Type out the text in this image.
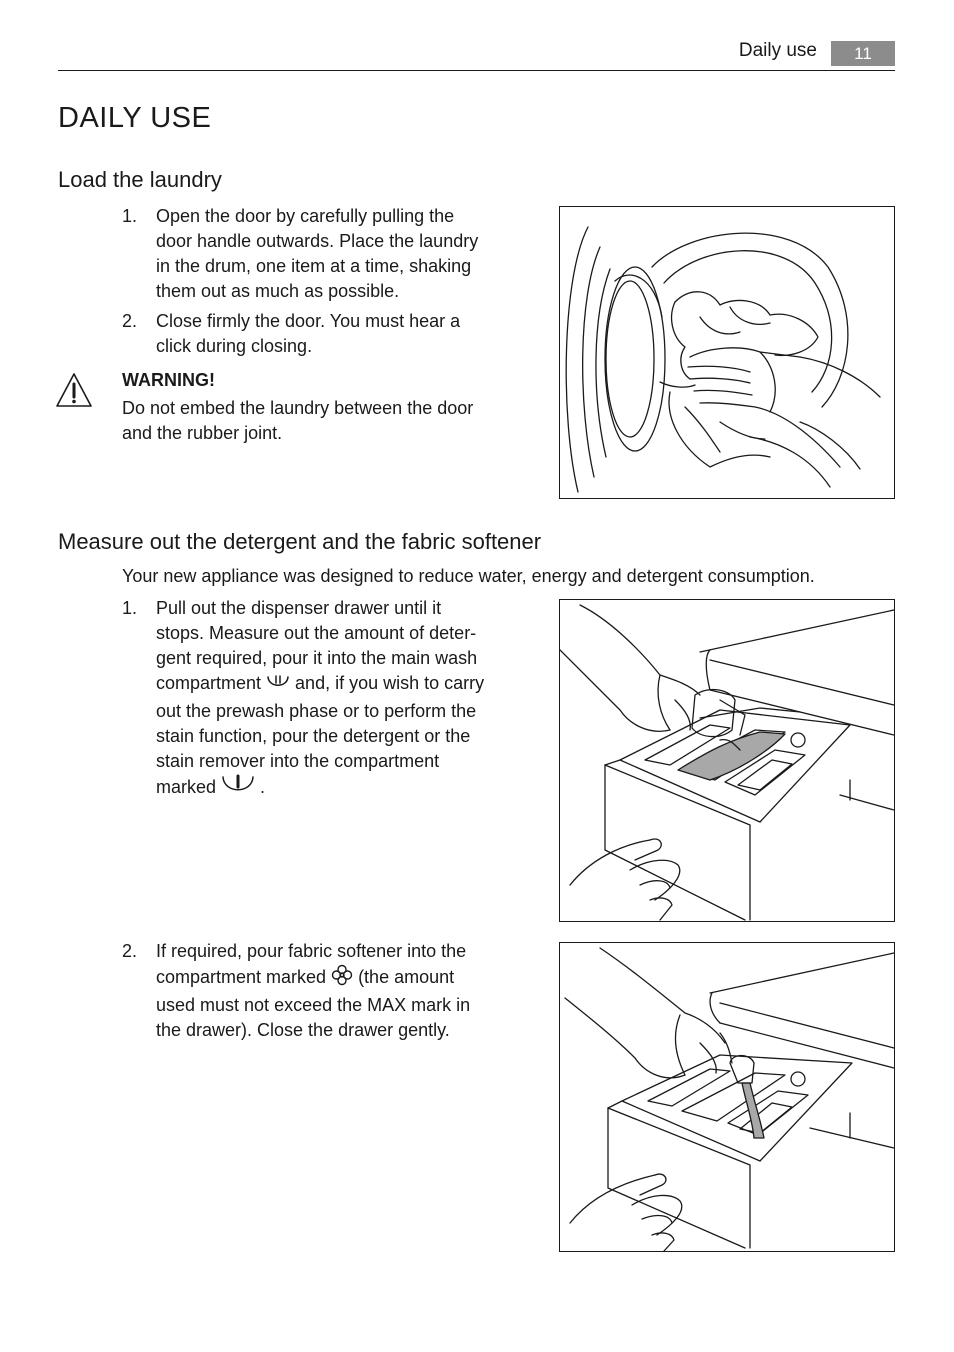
Daily use	11
DAILY USE
Load the laundry
1. Open the door by carefully pulling the
door handle outwards. Place the laundry
in the drum, one item at a time, shaking
them out as much as possible.
2. Close firmly the door. You must hear a
click during closing.
WARNING!
Do not embed the laundry between the door
and the rubber joint.
Measure out the detergent and the fabric softener
Your new appliance was designed to reduce water, energy and detergent consumption.
1. Pull out the dispenser drawer until it
stops. Measure out the amount of deter-
gent required, pour it into the main wash
compartment  and, if you wish to carry
out the prewash phase or to perform the
stain function, pour the detergent or the
stain remover into the compartment
marked  .
2. If required, pour fabric softener into the
compartment marked  (the amount
used must not exceed the MAX mark in
the drawer). Close the drawer gently.
